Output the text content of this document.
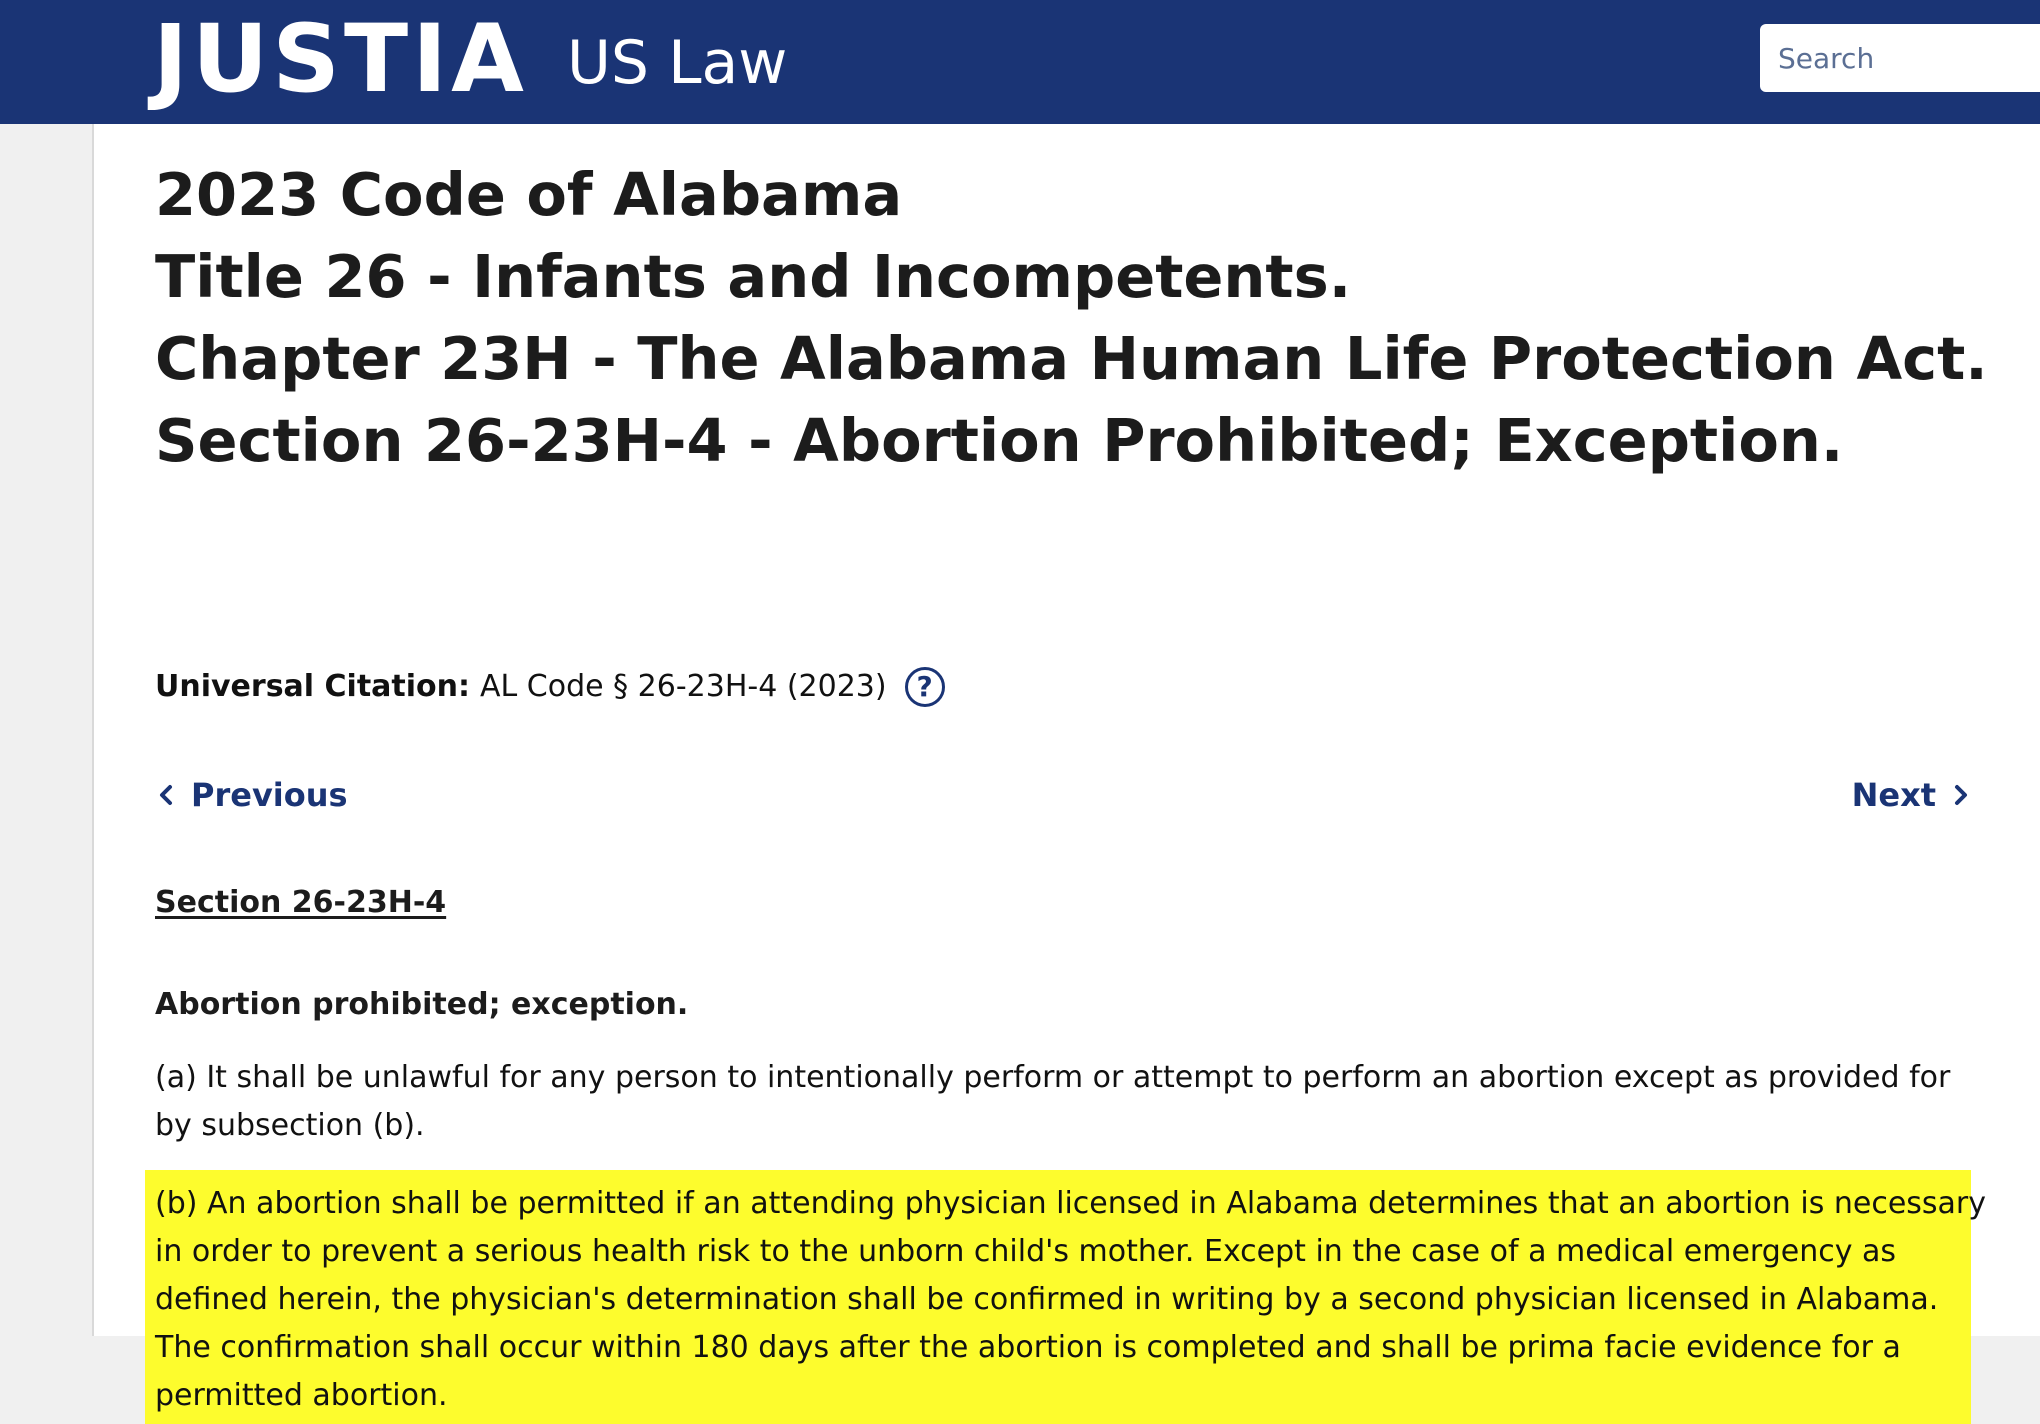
JUSTIA US Law
Search
2023 Code of Alabama
Title 26 - Infants and Incompetents.
Chapter 23H - The Alabama Human Life Protection Act.
Section 26-23H-4 - Abortion Prohibited; Exception.
Universal Citation: AL Code § 26-23H-4 (2023)	?
Previous	Next
Section 26-23H-4
Abortion prohibited; exception.

(a) It shall be unlawful for any person to intentionally perform or attempt to perform an abortion except as provided for
by subsection (b).

(b) An abortion shall be permitted if an attending physician licensed in Alabama determines that an abortion is necessary
in order to prevent a serious health risk to the unborn child's mother. Except in the case of a medical emergency as
defined herein, the physician's determination shall be confirmed in writing by a second physician licensed in Alabama.
The confirmation shall occur within 180 days after the abortion is completed and shall be prima facie evidence for a
permitted abortion.
